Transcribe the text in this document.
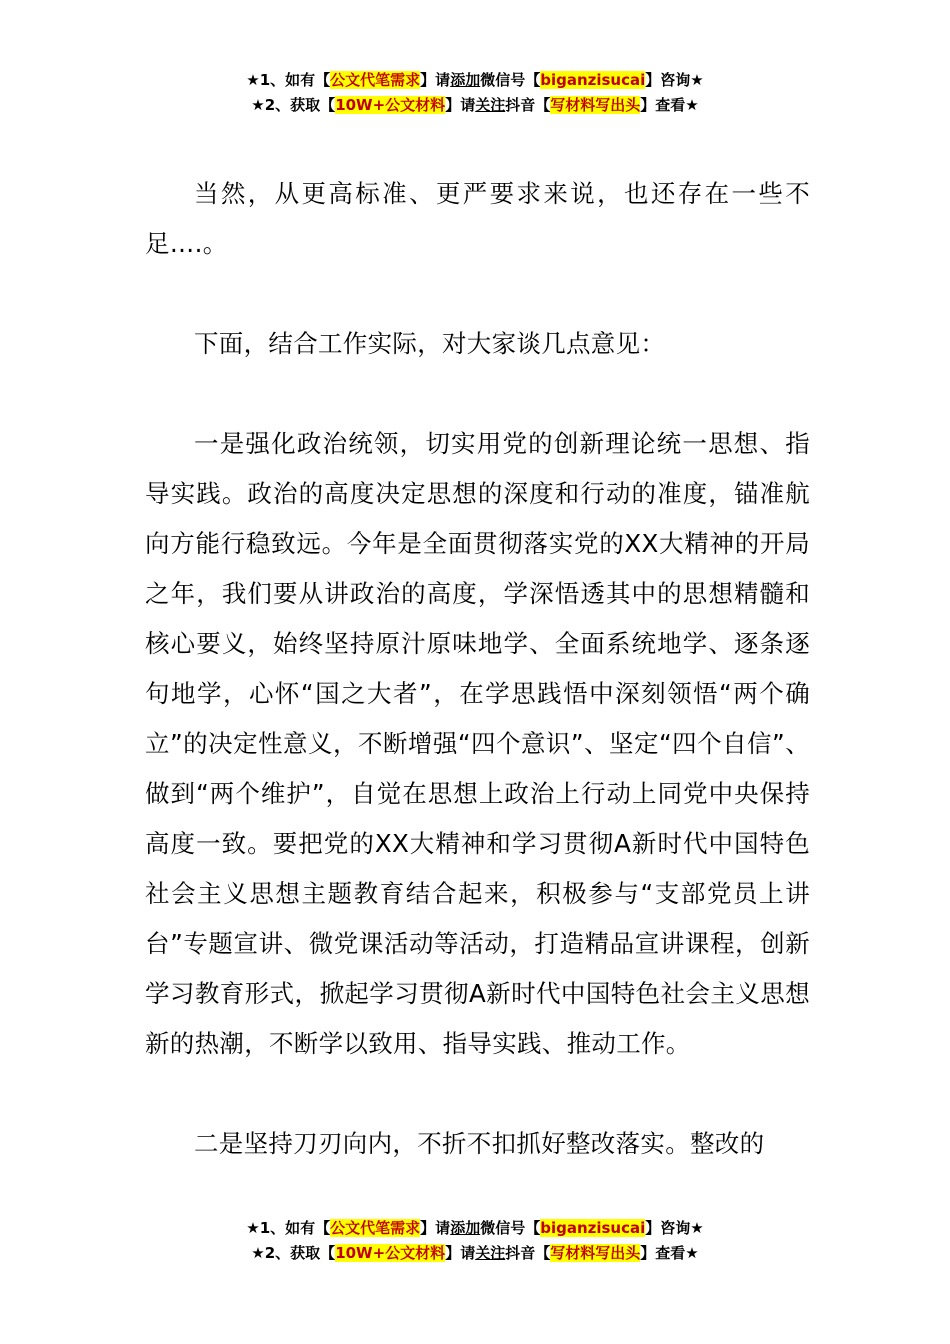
★1、如有【公文代笔需求】请添加微信号【biganzisucai】咨询★
★2、获取【10W+公文材料】请关注抖音【写材料写出头】查看★

当然，从更高标准、更严要求来说，也还存在一些不足….。

下面，结合工作实际，对大家谈几点意见：

一是强化政治统领，切实用党的创新理论统一思想、指导实践。政治的高度决定思想的深度和行动的准度，锚准航向方能行稳致远。今年是全面贯彻落实党的XX大精神的开局之年，我们要从讲政治的高度，学深悟透其中的思想精髓和核心要义，始终坚持原汁原味地学、全面系统地学、逐条逐句地学，心怀“国之大者”，在学思践悟中深刻领悟“两个确立”的决定性意义，不断增强“四个意识”、坚定“四个自信”、做到“两个维护”，自觉在思想上政治上行动上同党中央保持高度一致。要把党的XX大精神和学习贯彻A新时代中国特色社会主义思想主题教育结合起来，积极参与“支部党员上讲台”专题宣讲、微党课活动等活动，打造精品宣讲课程，创新学习教育形式，掀起学习贯彻A新时代中国特色社会主义思想新的热潮，不断学以致用、指导实践、推动工作。

二是坚持刀刃向内，不折不扣抓好整改落实。整改的

★1、如有【公文代笔需求】请添加微信号【biganzisucai】咨询★
★2、获取【10W+公文材料】请关注抖音【写材料写出头】查看★
